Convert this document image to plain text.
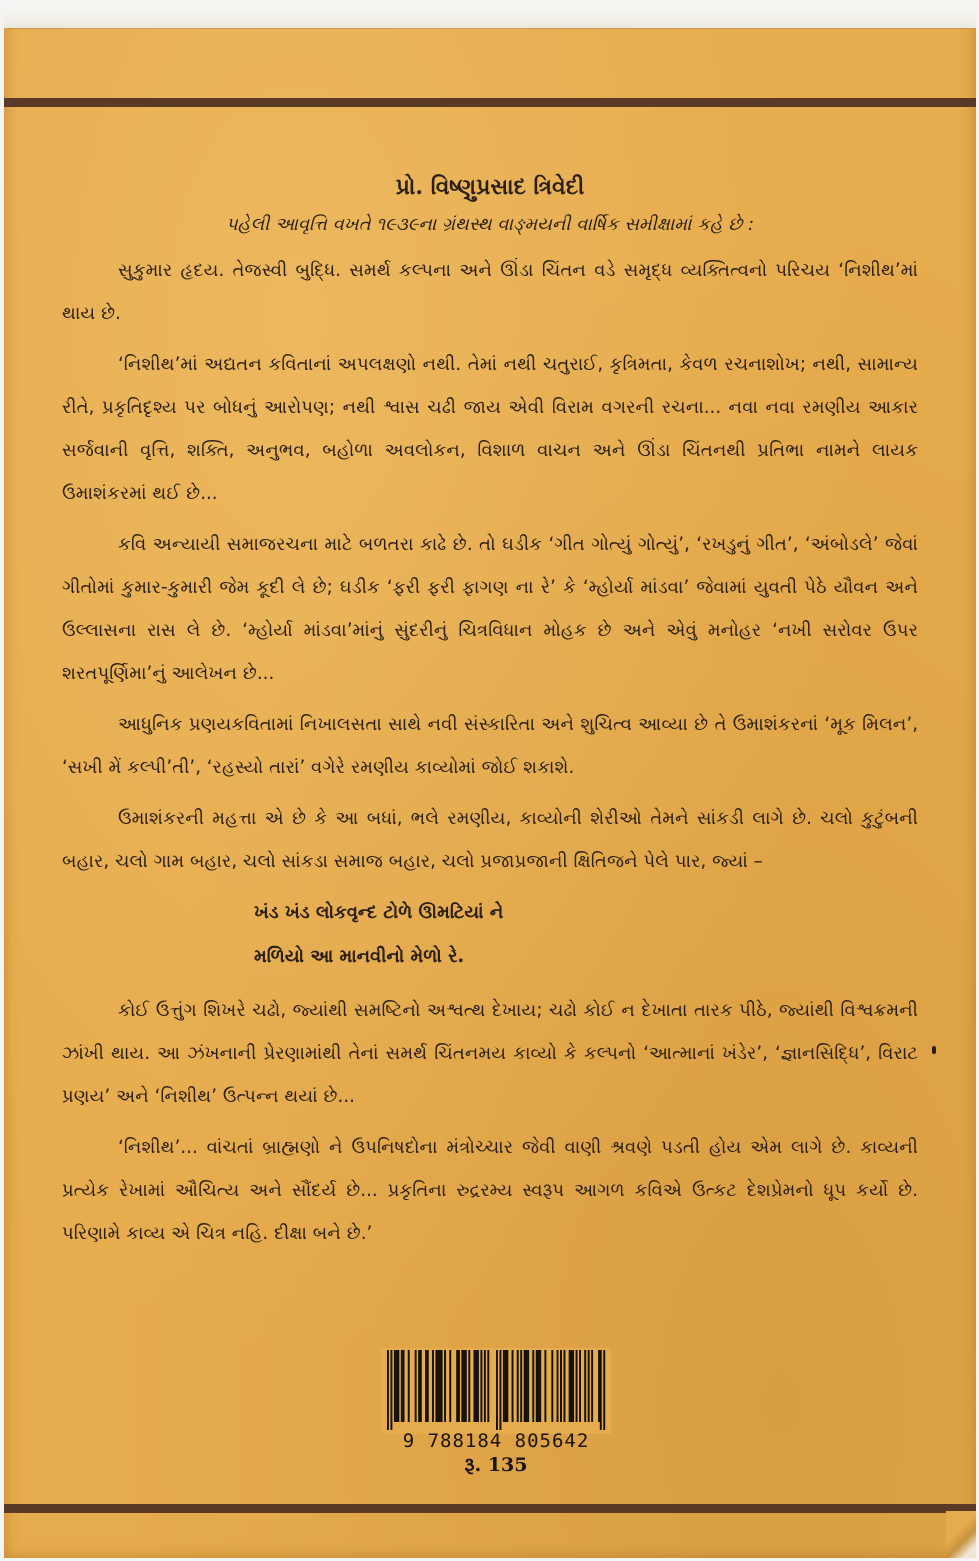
પ્રો. વિષ્ણુપ્રસાદ ત્રિવેદી
પહેલી આવૃત્તિ વખતે ૧૯૩૯ના ગ્રંથસ્થ વાઙ્મયની વાર્ષિક સમીક્ષામાં કહે છે :

સુકુમાર હૃદય. તેજસ્વી બુદ્ધિ. સમર્થ કલ્પના અને ઊંડા ચિંતન વડે સમૃદ્ધ વ્યક્તિત્વનો પરિચય ‘નિશીથ’માં થાય છે.

‘નિશીથ’માં અદ્યતન કવિતાનાં અપલક્ષણો નથી. તેમાં નથી ચતુરાઈ, કૃત્રિમતા, કેવળ રચનાશોખ; નથી, સામાન્ય રીતે, પ્રકૃતિદૃશ્ય પર બોધનું આરોપણ; નથી શ્વાસ ચઢી જાય એવી વિરામ વગરની રચના... નવા નવા રમણીય આકાર સર્જવાની વૃત્તિ, શક્તિ, અનુભવ, બહોળા અવલોકન, વિશાળ વાચન અને ઊંડા ચિંતનથી પ્રતિભા નામને લાયક ઉમાશંકરમાં થઈ છે...

કવિ અન્યાયી સમાજરચના માટે બળતરા કાઢે છે. તો ઘડીક ‘ગીત ગોત્યું ગોત્યું’, ‘રખડુનું ગીત’, ‘અંબોડલે’ જેવાં ગીતોમાં કુમાર-કુમારી જેમ કૂદી લે છે; ઘડીક ‘ફરી ફરી ફાગણ ના રે’ કે ‘મ્હોર્યા માંડવા’ જેવામાં યુવતી પેઠે યૌવન અને ઉલ્લાસના રાસ લે છે. ‘મ્હોર્યા માંડવા’માંનું સુંદરીનું ચિત્રવિધાન મોહક છે અને એવું મનોહર ‘નખી સરોવર ઉપર શરતપૂર્ણિમા’નું આલેખન છે...

આધુનિક પ્રણયકવિતામાં નિખાલસતા સાથે નવી સંસ્કારિતા અને શુચિત્વ આવ્યા છે તે ઉમાશંકરનાં ‘મૂક મિલન’, ‘સખી મેં કલ્પી’તી’, ‘રહસ્યો તારાં’ વગેરે રમણીય કાવ્યોમાં જોઈ શકાશે.

ઉમાશંકરની મહત્તા એ છે કે આ બધાં, ભલે રમણીય, કાવ્યોની શેરીઓ તેમને સાંકડી લાગે છે. ચલો કુટુંબની બહાર, ચલો ગામ બહાર, ચલો સાંકડા સમાજ બહાર, ચલો પ્રજાપ્રજાની ક્ષિતિજને પેલે પાર, જ્યાં –

ખંડ ખંડ લોકવૃન્દ ટોળે ઊમટિયાં ને
મળિયો આ માનવીનો મેળો રે.

કોઈ ઉત્તુંગ શિખરે ચઢો, જ્યાંથી સમષ્ટિનો અશ્વત્થ દેખાય; ચઢો કોઈ ન દેખાતા તારક પીઠે, જ્યાંથી વિશ્વક્રમની ઝાંખી થાય. આ ઝંખનાની પ્રેરણામાંથી તેનાં સમર્થ ચિંતનમય કાવ્યો કે કલ્પનો ‘આત્માનાં ખંડેર’, ‘જ્ઞાનસિદ્ધિ’, વિરાટ પ્રણય’ અને ‘નિશીથ’ ઉત્પન્ન થયાં છે...

‘નિશીથ’... વાંચતાં બ્રાહ્મણો ને ઉપનિષદોના મંત્રોચ્ચાર જેવી વાણી શ્રવણે પડતી હોય એમ લાગે છે. કાવ્યની પ્રત્યેક રેખામાં ઔચિત્ય અને સૌંદર્ય છે... પ્રકૃતિના રુદ્રરમ્ય સ્વરૂપ આગળ કવિએ ઉત્કટ દેશપ્રેમનો ધૂપ કર્યો છે. પરિણામે કાવ્ય એ ચિત્ર નહિ. દીક્ષા બને છે.’

9 788184 805642
રૂ. 135
